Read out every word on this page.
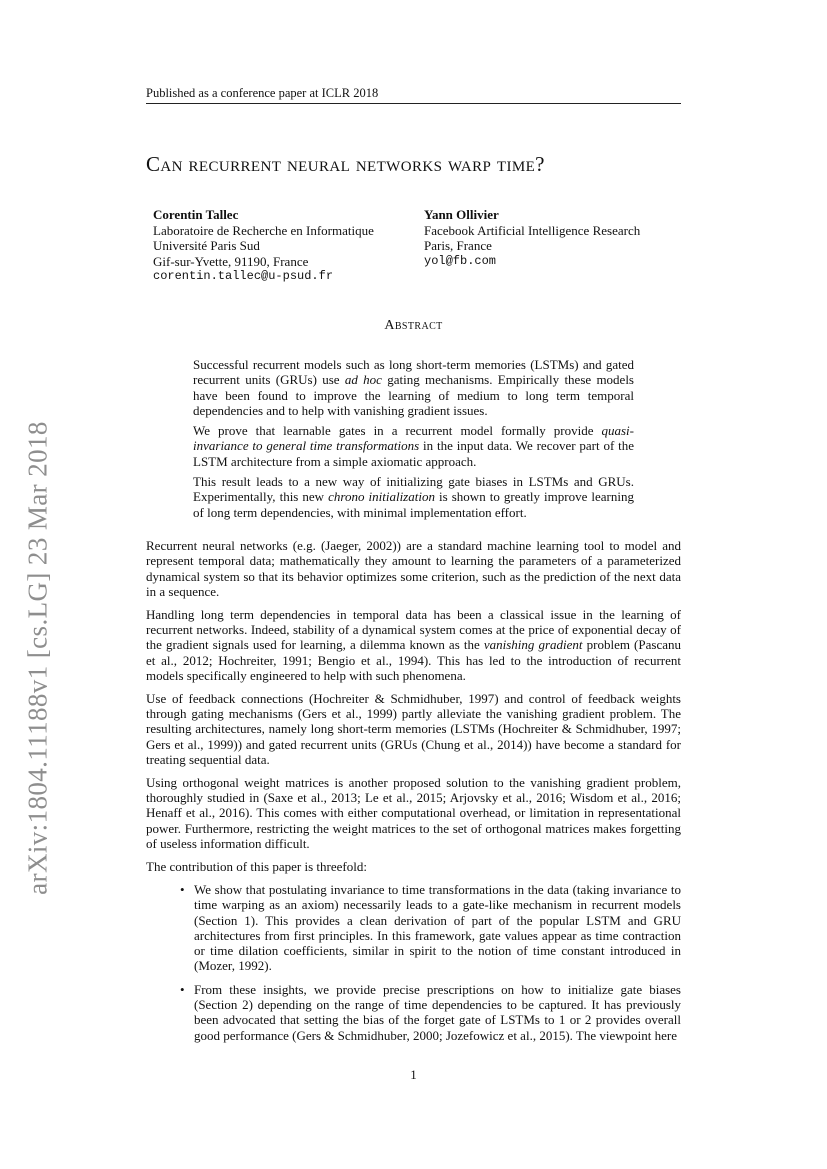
Published as a conference paper at ICLR 2018
Can recurrent neural networks warp time?
Corentin Tallec
Laboratoire de Recherche en Informatique
Université Paris Sud
Gif-sur-Yvette, 91190, France
corentin.tallec@u-psud.fr
Yann Ollivier
Facebook Artificial Intelligence Research
Paris, France
yol@fb.com
arXiv:1804.11188v1 [cs.LG] 23 Mar 2018
Abstract

Successful recurrent models such as long short-term memories (LSTMs) and gated recurrent units (GRUs) use ad hoc gating mechanisms. Empirically these models have been found to improve the learning of medium to long term temporal dependencies and to help with vanishing gradient issues.

We prove that learnable gates in a recurrent model formally provide quasi-invariance to general time transformations in the input data. We recover part of the LSTM architecture from a simple axiomatic approach.

This result leads to a new way of initializing gate biases in LSTMs and GRUs. Experimentally, this new chrono initialization is shown to greatly improve learning of long term dependencies, with minimal implementation effort.

Recurrent neural networks (e.g. (Jaeger, 2002)) are a standard machine learning tool to model and represent temporal data; mathematically they amount to learning the parameters of a parameterized dynamical system so that its behavior optimizes some criterion, such as the prediction of the next data in a sequence.

Handling long term dependencies in temporal data has been a classical issue in the learning of recurrent networks. Indeed, stability of a dynamical system comes at the price of exponential decay of the gradient signals used for learning, a dilemma known as the vanishing gradient problem (Pascanu et al., 2012; Hochreiter, 1991; Bengio et al., 1994). This has led to the introduction of recurrent models specifically engineered to help with such phenomena.

Use of feedback connections (Hochreiter & Schmidhuber, 1997) and control of feedback weights through gating mechanisms (Gers et al., 1999) partly alleviate the vanishing gradient problem. The resulting architectures, namely long short-term memories (LSTMs (Hochreiter & Schmidhuber, 1997; Gers et al., 1999)) and gated recurrent units (GRUs (Chung et al., 2014)) have become a standard for treating sequential data.

Using orthogonal weight matrices is another proposed solution to the vanishing gradient problem, thoroughly studied in (Saxe et al., 2013; Le et al., 2015; Arjovsky et al., 2016; Wisdom et al., 2016; Henaff et al., 2016). This comes with either computational overhead, or limitation in representational power. Furthermore, restricting the weight matrices to the set of orthogonal matrices makes forgetting of useless information difficult.

The contribution of this paper is threefold:

• We show that postulating invariance to time transformations in the data (taking invariance to time warping as an axiom) necessarily leads to a gate-like mechanism in recurrent models (Section 1). This provides a clean derivation of part of the popular LSTM and GRU architectures from first principles. In this framework, gate values appear as time contraction or time dilation coefficients, similar in spirit to the notion of time constant introduced in (Mozer, 1992).
• From these insights, we provide precise prescriptions on how to initialize gate biases (Section 2) depending on the range of time dependencies to be captured. It has previously been advocated that setting the bias of the forget gate of LSTMs to 1 or 2 provides overall good performance (Gers & Schmidhuber, 2000; Jozefowicz et al., 2015). The viewpoint here
1
